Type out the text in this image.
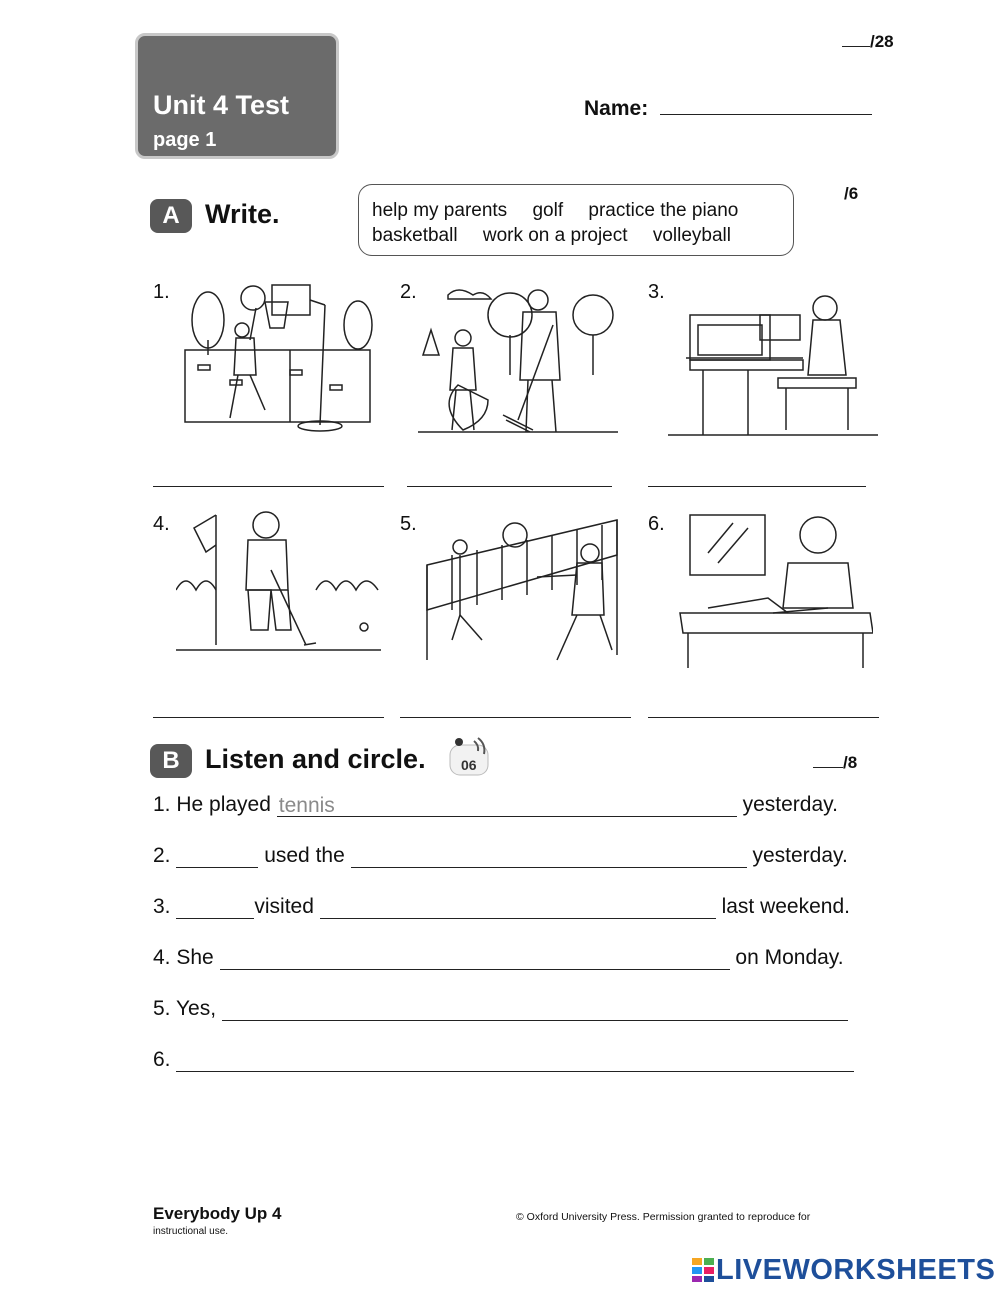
Unit 4 Test
page 1
/28
Name:
A Write.	help my parents golf practice the piano
basketball work on a project volleyball
/6
1.	2.	3.
4.	5.	6.
B Listen and circle.	06	/8
1. He played tennis	yesterday.
2.	used the	yesterday.
3.	visited	last weekend.
4. She	on Monday.
5. Yes,
6.
Everybody Up 4
instructional use.
© Oxford University Press. Permission granted to reproduce for
LIVEWORKSHEETS
